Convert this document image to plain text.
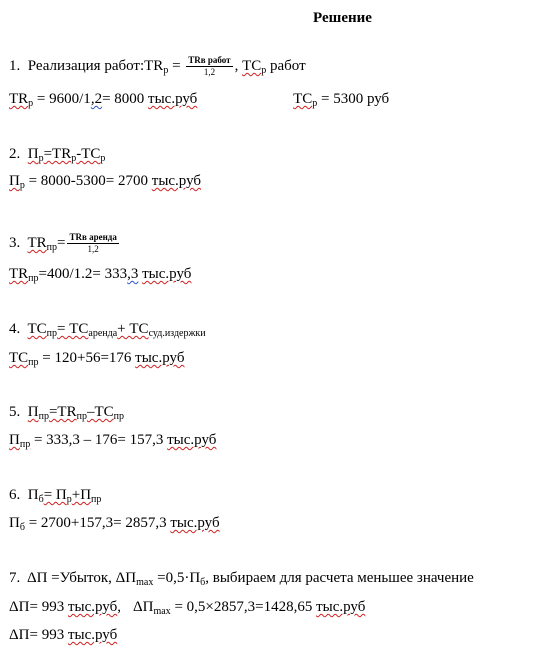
Решение
1. Реализация $работ:TR_р = \frac{\text{TRв работ}}{1,2}$ , $TC_р$ работ
$TR_р = 9600/1,2= 8000$ тыс.руб	$TC_р = 5300$ руб
2. $П_р=TR_р-TC_р$
$П_р = 8000-5300= 2700$ тыс.руб
3. $TR_{пр}= \frac{\text{TRв аренда}}{1,2}$
$TR_{пр}=400/1.2= 333,3$ тыс.руб
4. $TC_{пр}= TC_{аренда}+ TC_{суд.издержки}$
$TC_{пр} = 120+56=176$ тыс.руб
5. $П_{пр}=TR_{пр}-TC_{пр}$
$П_{пр} = 333,3 - 176= 157,3$ тыс.руб
6. $П_б= П_р+П_{пр}$
$П_б = 2700+157,3= 2857,3$ тыс.руб
7. ΔП =Убыток, $\Delta П_{max} =0,5\cdot П_б$, выбираем для расчета меньшее значение
ΔП= 993 тыс.руб, $\Delta П_{max} = 0,5\times 2857,3=1428,65$ тыс.руб
ΔП= 993 тыс.руб
